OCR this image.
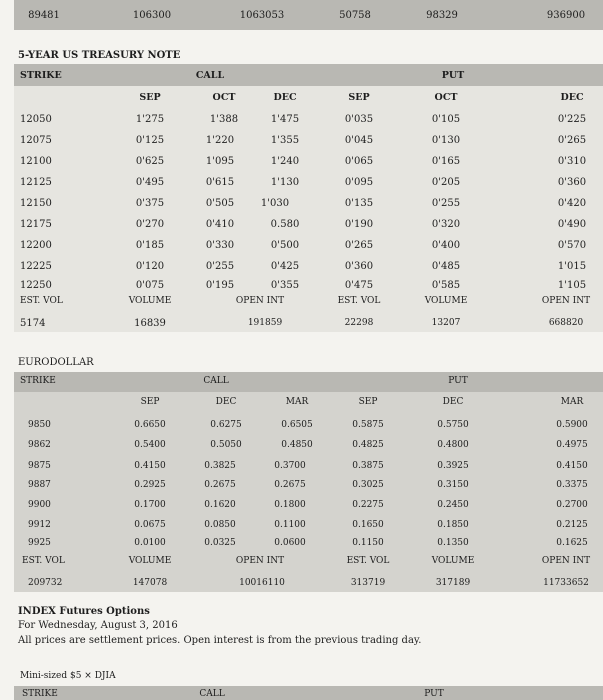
89481	106300	1063053	50758	98329	936900
5-YEAR US TREASURY NOTE
STRIKE	CALL	PUT
SEP	OCT	DEC	SEP	OCT	DEC
12050	1'275	1'388	1'475	0'035	0'105	0'225
12075	0'125	1'220	1'355	0'045	0'130	0'265
12100	0'625	1'095	1'240	0'065	0'165	0'310
12125	0'495	0'615	1'130	0'095	0'205	0'360
12150	0'375	0'505	1'030	0'135	0'255	0'420
12175	0'270	0'410	0.580	0'190	0'320	0'490
12200	0'185	0'330	0'500	0'265	0'400	0'570
12225	0'120	0'255	0'425	0'360	0'485	1'015
12250	0'075	0'195	0'355	0'475	0'585	1'105
EST. VOL	VOLUME	OPEN INT	EST. VOL	VOLUME	OPEN INT
5174	16839	191859	22298	13207	668820
EURODOLLAR
STRIKE	CALL	PUT
SEP	DEC	MAR	SEP	DEC	MAR
9850	0.6650	0.6275	0.6505	0.5875	0.5750	0.5900
9862	0.5400	0.5050	0.4850	0.4825	0.4800	0.4975
9875	0.4150	0.3825	0.3700	0.3875	0.3925	0.4150
9887	0.2925	0.2675	0.2675	0.3025	0.3150	0.3375
9900	0.1700	0.1620	0.1800	0.2275	0.2450	0.2700
9912	0.0675	0.0850	0.1100	0.1650	0.1850	0.2125
9925	0.0100	0.0325	0.0600	0.1150	0.1350	0.1625
EST. VOL	VOLUME	OPEN INT	EST. VOL	VOLUME	OPEN INT
209732	147078	10016110	313719	317189	11733652
INDEX Futures Options
For Wednesday, August 3, 2016
All prices are settlement prices. Open interest is from the previous trading day.
Mini-sized $5 × DJIA
STRIKE	CALL	PUT
